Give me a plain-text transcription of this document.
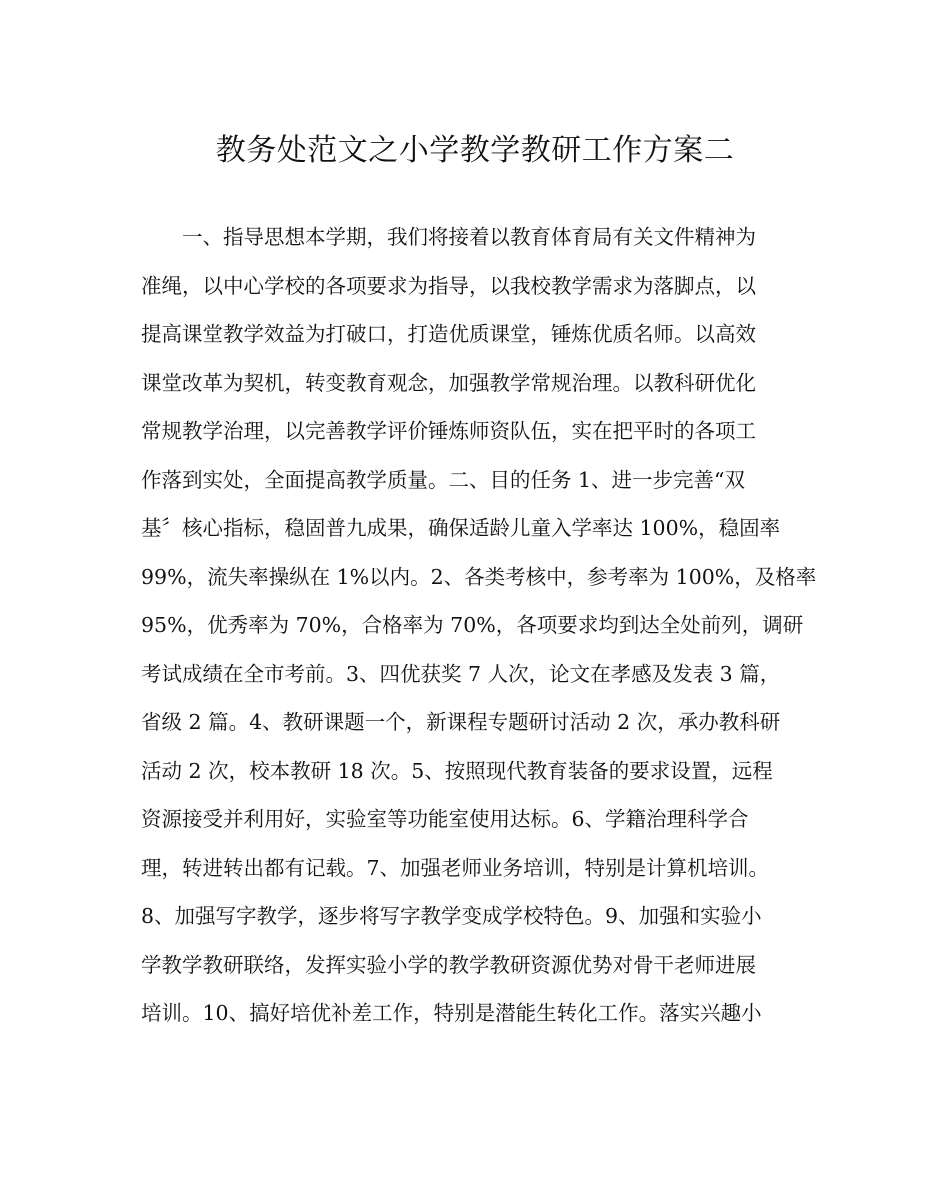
教务处范文之小学教学教研工作方案二
　　一、指导思想本学期，我们将接着以教育体育局有关文件精神为
准绳，以中心学校的各项要求为指导，以我校教学需求为落脚点，以
提高课堂教学效益为打破口，打造优质课堂，锤炼优质名师。以高效
课堂改革为契机，转变教育观念，加强教学常规治理。以教科研优化
常规教学治理，以完善教学评价锤炼师资队伍，实在把平时的各项工
作落到实处，全面提高教学质量。二、目的任务 1、进一步完善“双
基〞核心指标，稳固普九成果，确保适龄儿童入学率达 100%，稳固率
99%，流失率操纵在 1%以内。2、各类考核中，参考率为 100%，及格率
95%，优秀率为 70%，合格率为 70%，各项要求均到达全处前列，调研
考试成绩在全市考前。3、四优获奖 7 人次，论文在孝感及发表 3 篇，
省级 2 篇。4、教研课题一个，新课程专题研讨活动 2 次，承办教科研
活动 2 次，校本教研 18 次。5、按照现代教育装备的要求设置，远程
资源接受并利用好，实验室等功能室使用达标。6、学籍治理科学合
理，转进转出都有记载。7、加强老师业务培训，特别是计算机培训。
8、加强写字教学，逐步将写字教学变成学校特色。9、加强和实验小
学教学教研联络，发挥实验小学的教学教研资源优势对骨干老师进展
培训。10、搞好培优补差工作，特别是潜能生转化工作。落实兴趣小
